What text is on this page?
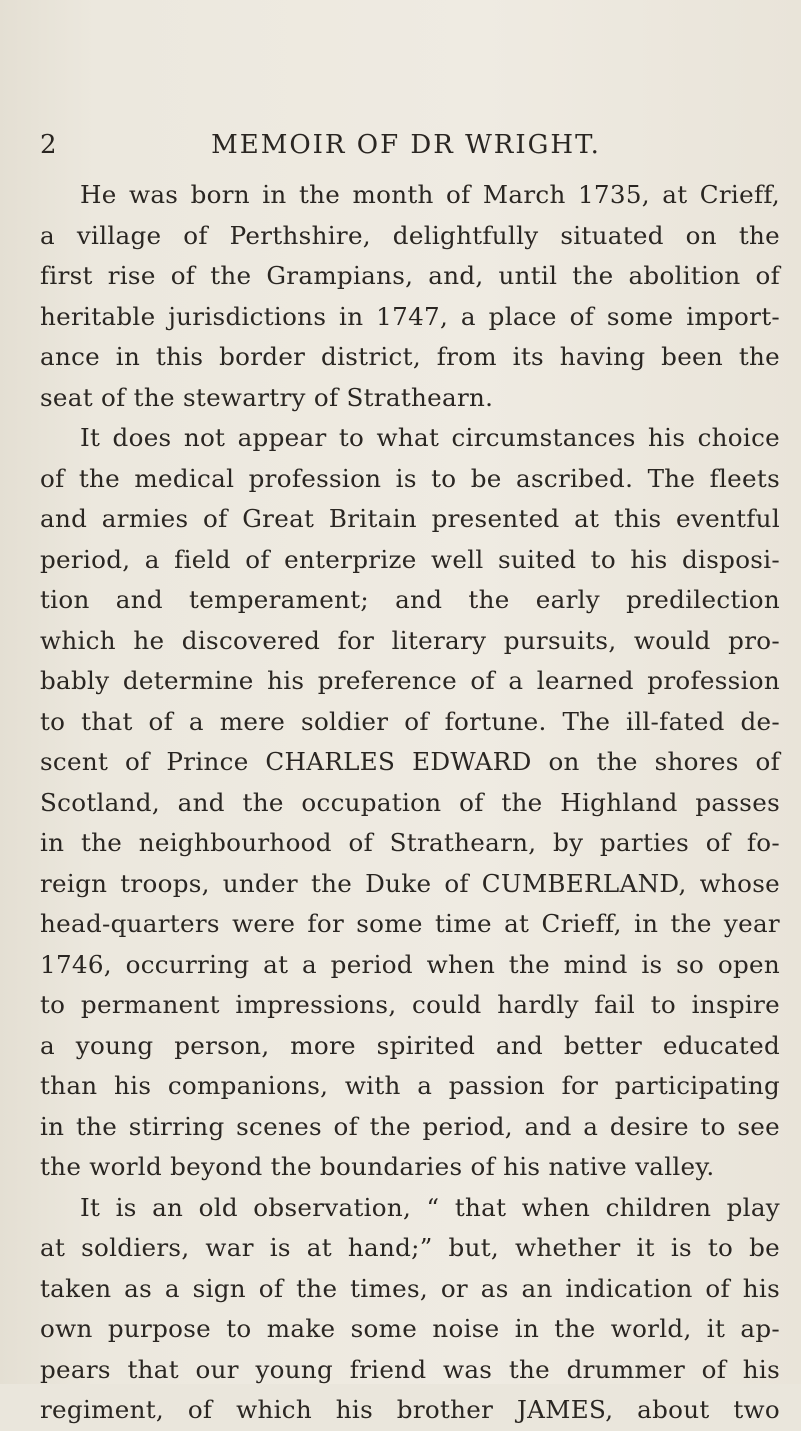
2	MEMOIR OF DR WRIGHT.
He was born in the month of March 1735, at Crieff,
a village of Perthshire, delightfully situated on the
first rise of the Grampians, and, until the abolition of
heritable jurisdictions in 1747, a place of some import-
ance in this border district, from its having been the
seat of the stewartry of Strathearn.
It does not appear to what circumstances his choice
of the medical profession is to be ascribed. The fleets
and armies of Great Britain presented at this eventful
period, a field of enterprize well suited to his disposi-
tion and temperament; and the early predilection
which he discovered for literary pursuits, would pro-
bably determine his preference of a learned profession
to that of a mere soldier of fortune. The ill-fated de-
scent of Prince CHARLES EDWARD on the shores of
Scotland, and the occupation of the Highland passes
in the neighbourhood of Strathearn, by parties of fo-
reign troops, under the Duke of CUMBERLAND, whose
head-quarters were for some time at Crieff, in the year
1746, occurring at a period when the mind is so open
to permanent impressions, could hardly fail to inspire
a young person, more spirited and better educated
than his companions, with a passion for participating
in the stirring scenes of the period, and a desire to see
the world beyond the boundaries of his native valley.
It is an old observation, “ that when children play
at soldiers, war is at hand;” but, whether it is to be
taken as a sign of the times, or as an indication of his
own purpose to make some noise in the world, it ap-
pears that our young friend was the drummer of his
regiment, of which his brother JAMES, about two
